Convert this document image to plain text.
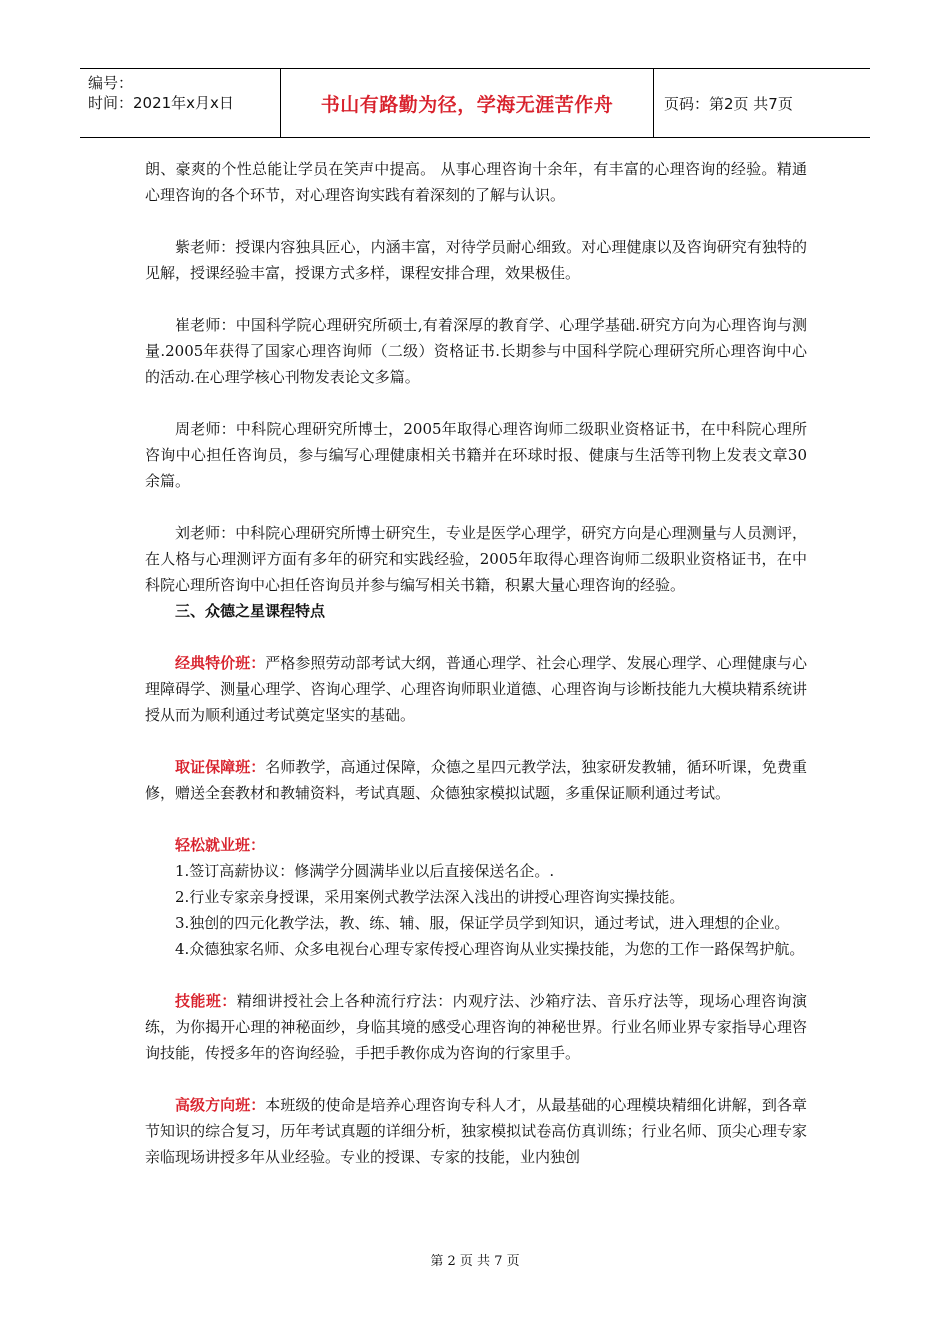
编号：
时间：2021年x月x日	书山有路勤为径，学海无涯苦作舟	页码：第2页 共7页

朗、豪爽的个性总能让学员在笑声中提高。 从事心理咨询十余年，有丰富的心理咨询的经验。精通心理咨询的各个环节，对心理咨询实践有着深刻的了解与认识。

紫老师：授课内容独具匠心，内涵丰富，对待学员耐心细致。对心理健康以及咨询研究有独特的见解，授课经验丰富，授课方式多样，课程安排合理，效果极佳。

崔老师：中国科学院心理研究所硕士,有着深厚的教育学、心理学基础.研究方向为心理咨询与测量.2005年获得了国家心理咨询师（二级）资格证书.长期参与中国科学院心理研究所心理咨询中心的活动.在心理学核心刊物发表论文多篇。

周老师：中科院心理研究所博士，2005年取得心理咨询师二级职业资格证书，在中科院心理所咨询中心担任咨询员，参与编写心理健康相关书籍并在环球时报、健康与生活等刊物上发表文章30余篇。

刘老师：中科院心理研究所博士研究生，专业是医学心理学，研究方向是心理测量与人员测评，在人格与心理测评方面有多年的研究和实践经验，2005年取得心理咨询师二级职业资格证书，在中科院心理所咨询中心担任咨询员并参与编写相关书籍，积累大量心理咨询的经验。

三、众德之星课程特点

经典特价班：严格参照劳动部考试大纲，普通心理学、社会心理学、发展心理学、心理健康与心理障碍学、测量心理学、咨询心理学、心理咨询师职业道德、心理咨询与诊断技能九大模块精系统讲授从而为顺利通过考试奠定坚实的基础。

取证保障班：名师教学，高通过保障，众德之星四元教学法，独家研发教辅，循环听课，免费重修，赠送全套教材和教辅资料，考试真题、众德独家模拟试题，多重保证顺利通过考试。

轻松就业班：

1.签订高薪协议：修满学分圆满毕业以后直接保送名企。.

2.行业专家亲身授课，采用案例式教学法深入浅出的讲授心理咨询实操技能。

3.独创的四元化教学法，教、练、辅、服，保证学员学到知识，通过考试，进入理想的企业。

4.众德独家名师、众多电视台心理专家传授心理咨询从业实操技能，为您的工作一路保驾护航。

技能班：精细讲授社会上各种流行疗法：内观疗法、沙箱疗法、音乐疗法等，现场心理咨询演练，为你揭开心理的神秘面纱，身临其境的感受心理咨询的神秘世界。行业名师业界专家指导心理咨询技能，传授多年的咨询经验，手把手教你成为咨询的行家里手。

高级方向班：本班级的使命是培养心理咨询专科人才，从最基础的心理模块精细化讲解，到各章节知识的综合复习，历年考试真题的详细分析，独家模拟试卷高仿真训练；行业名师、顶尖心理专家亲临现场讲授多年从业经验。专业的授课、专家的技能，业内独创

第 2 页 共 7 页
